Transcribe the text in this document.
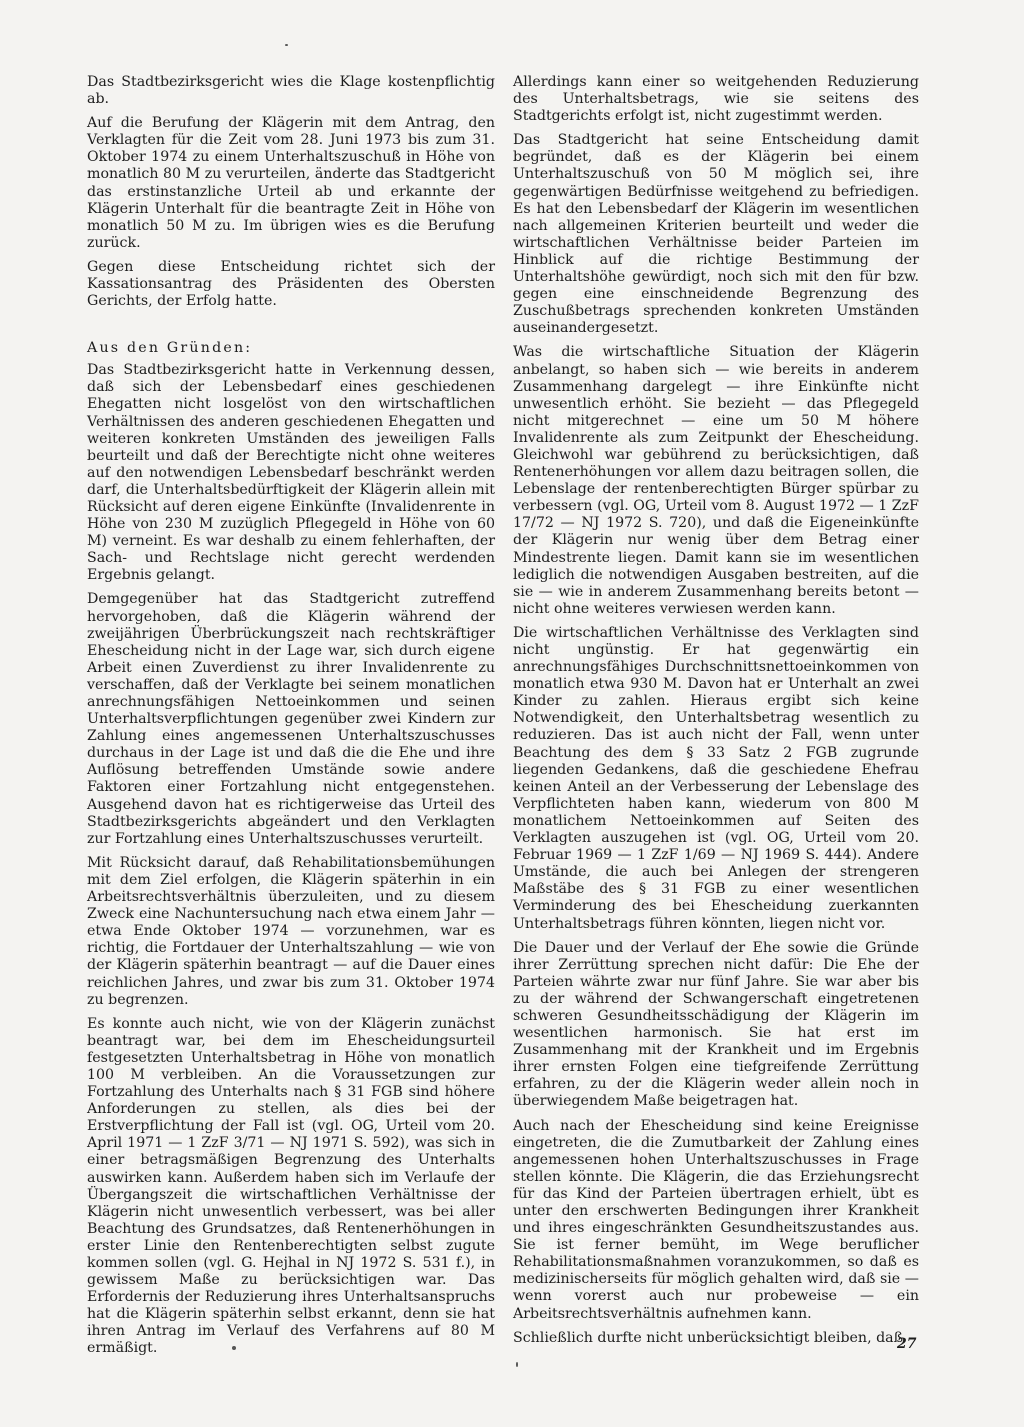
Das Stadtbezirksgericht wies die Klage kostenpflichtig ab.

Auf die Berufung der Klägerin mit dem Antrag, den Verklagten für die Zeit vom 28. Juni 1973 bis zum 31. Oktober 1974 zu einem Unterhaltszuschuß in Höhe von monatlich 80 M zu verurteilen, änderte das Stadtgericht das erstinstanzliche Urteil ab und erkannte der Klägerin Unterhalt für die beantragte Zeit in Höhe von monatlich 50 M zu. Im übrigen wies es die Berufung zurück.

Gegen diese Entscheidung richtet sich der Kassationsantrag des Präsidenten des Obersten Gerichts, der Erfolg hatte.

Aus den Gründen:

Das Stadtbezirksgericht hatte in Verkennung dessen, daß sich der Lebensbedarf eines geschiedenen Ehegatten nicht losgelöst von den wirtschaftlichen Verhältnissen des anderen geschiedenen Ehegatten und weiteren konkreten Umständen des jeweiligen Falls beurteilt und daß der Berechtigte nicht ohne weiteres auf den notwendigen Lebensbedarf beschränkt werden darf, die Unterhaltsbedürftigkeit der Klägerin allein mit Rücksicht auf deren eigene Einkünfte (Invalidenrente in Höhe von 230 M zuzüglich Pflegegeld in Höhe von 60 M) verneint. Es war deshalb zu einem fehlerhaften, der Sach- und Rechtslage nicht gerecht werdenden Ergebnis gelangt.

Demgegenüber hat das Stadtgericht zutreffend hervorgehoben, daß die Klägerin während der zweijährigen Überbrückungszeit nach rechtskräftiger Ehescheidung nicht in der Lage war, sich durch eigene Arbeit einen Zuverdienst zu ihrer Invalidenrente zu verschaffen, daß der Verklagte bei seinem monatlichen anrechnungsfähigen Nettoeinkommen und seinen Unterhaltsverpflichtungen gegenüber zwei Kindern zur Zahlung eines angemessenen Unterhaltszuschusses durchaus in der Lage ist und daß die die Ehe und ihre Auflösung betreffenden Umstände sowie andere Faktoren einer Fortzahlung nicht entgegenstehen. Ausgehend davon hat es richtigerweise das Urteil des Stadtbezirksgerichts abgeändert und den Verklagten zur Fortzahlung eines Unterhaltszuschusses verurteilt.

Mit Rücksicht darauf, daß Rehabilitationsbemühungen mit dem Ziel erfolgen, die Klägerin späterhin in ein Arbeitsrechtsverhältnis überzuleiten, und zu diesem Zweck eine Nachuntersuchung nach etwa einem Jahr — etwa Ende Oktober 1974 — vorzunehmen, war es richtig, die Fortdauer der Unterhaltszahlung — wie von der Klägerin späterhin beantragt — auf die Dauer eines reichlichen Jahres, und zwar bis zum 31. Oktober 1974 zu begrenzen.

Es konnte auch nicht, wie von der Klägerin zunächst beantragt war, bei dem im Ehescheidungsurteil festgesetzten Unterhaltsbetrag in Höhe von monatlich 100 M verbleiben. An die Voraussetzungen zur Fortzahlung des Unterhalts nach § 31 FGB sind höhere Anforderungen zu stellen, als dies bei der Erstverpflichtung der Fall ist (vgl. OG, Urteil vom 20. April 1971 — 1 ZzF 3/71 — NJ 1971 S. 592), was sich in einer betragsmäßigen Begrenzung des Unterhalts auswirken kann. Außerdem haben sich im Verlaufe der Übergangszeit die wirtschaftlichen Verhältnisse der Klägerin nicht unwesentlich verbessert, was bei aller Beachtung des Grundsatzes, daß Rentenerhöhungen in erster Linie den Rentenberechtigten selbst zugute kommen sollen (vgl. G. Hejhal in NJ 1972 S. 531 f.), in gewissem Maße zu berücksichtigen war. Das Erfordernis der Reduzierung ihres Unterhaltsanspruchs hat die Klägerin späterhin selbst erkannt, denn sie hat ihren Antrag im Verlauf des Verfahrens auf 80 M ermäßigt.

Allerdings kann einer so weitgehenden Reduzierung des Unterhaltsbetrags, wie sie seitens des Stadtgerichts erfolgt ist, nicht zugestimmt werden.

Das Stadtgericht hat seine Entscheidung damit begründet, daß es der Klägerin bei einem Unterhaltszuschuß von 50 M möglich sei, ihre gegenwärtigen Bedürfnisse weitgehend zu befriedigen. Es hat den Lebensbedarf der Klägerin im wesentlichen nach allgemeinen Kriterien beurteilt und weder die wirtschaftlichen Verhältnisse beider Parteien im Hinblick auf die richtige Bestimmung der Unterhaltshöhe gewürdigt, noch sich mit den für bzw. gegen eine einschneidende Begrenzung des Zuschußbetrags sprechenden konkreten Umständen auseinandergesetzt.

Was die wirtschaftliche Situation der Klägerin anbelangt, so haben sich — wie bereits in anderem Zusammenhang dargelegt — ihre Einkünfte nicht unwesentlich erhöht. Sie bezieht — das Pflegegeld nicht mitgerechnet — eine um 50 M höhere Invalidenrente als zum Zeitpunkt der Ehescheidung. Gleichwohl war gebührend zu berücksichtigen, daß Rentenerhöhungen vor allem dazu beitragen sollen, die Lebenslage der rentenberechtigten Bürger spürbar zu verbessern (vgl. OG, Urteil vom 8. August 1972 — 1 ZzF 17/72 — NJ 1972 S. 720), und daß die Eigeneinkünfte der Klägerin nur wenig über dem Betrag einer Mindestrente liegen. Damit kann sie im wesentlichen lediglich die notwendigen Ausgaben bestreiten, auf die sie — wie in anderem Zusammenhang bereits betont — nicht ohne weiteres verwiesen werden kann.

Die wirtschaftlichen Verhältnisse des Verklagten sind nicht ungünstig. Er hat gegenwärtig ein anrechnungsfähiges Durchschnittsnettoeinkommen von monatlich etwa 930 M. Davon hat er Unterhalt an zwei Kinder zu zahlen. Hieraus ergibt sich keine Notwendigkeit, den Unterhaltsbetrag wesentlich zu reduzieren. Das ist auch nicht der Fall, wenn unter Beachtung des dem § 33 Satz 2 FGB zugrunde liegenden Gedankens, daß die geschiedene Ehefrau keinen Anteil an der Verbesserung der Lebenslage des Verpflichteten haben kann, wiederum von 800 M monatlichem Nettoeinkommen auf Seiten des Verklagten auszugehen ist (vgl. OG, Urteil vom 20. Februar 1969 — 1 ZzF 1/69 — NJ 1969 S. 444). Andere Umstände, die auch bei Anlegen der strengeren Maßstäbe des § 31 FGB zu einer wesentlichen Verminderung des bei Ehescheidung zuerkannten Unterhaltsbetrags führen könnten, liegen nicht vor.

Die Dauer und der Verlauf der Ehe sowie die Gründe ihrer Zerrüttung sprechen nicht dafür: Die Ehe der Parteien währte zwar nur fünf Jahre. Sie war aber bis zu der während der Schwangerschaft eingetretenen schweren Gesundheitsschädigung der Klägerin im wesentlichen harmonisch. Sie hat erst im Zusammenhang mit der Krankheit und im Ergebnis ihrer ernsten Folgen eine tiefgreifende Zerrüttung erfahren, zu der die Klägerin weder allein noch in überwiegendem Maße beigetragen hat.

Auch nach der Ehescheidung sind keine Ereignisse eingetreten, die die Zumutbarkeit der Zahlung eines angemessenen hohen Unterhaltszuschusses in Frage stellen könnte. Die Klägerin, die das Erziehungsrecht für das Kind der Parteien übertragen erhielt, übt es unter den erschwerten Bedingungen ihrer Krankheit und ihres eingeschränkten Gesundheitszustandes aus. Sie ist ferner bemüht, im Wege beruflicher Rehabilitationsmaßnahmen voranzukommen, so daß es medizinischerseits für möglich gehalten wird, daß sie — wenn vorerst auch nur probeweise — ein Arbeitsrechtsverhältnis aufnehmen kann.

Schließlich durfte nicht unberücksichtigt bleiben, daß

27
